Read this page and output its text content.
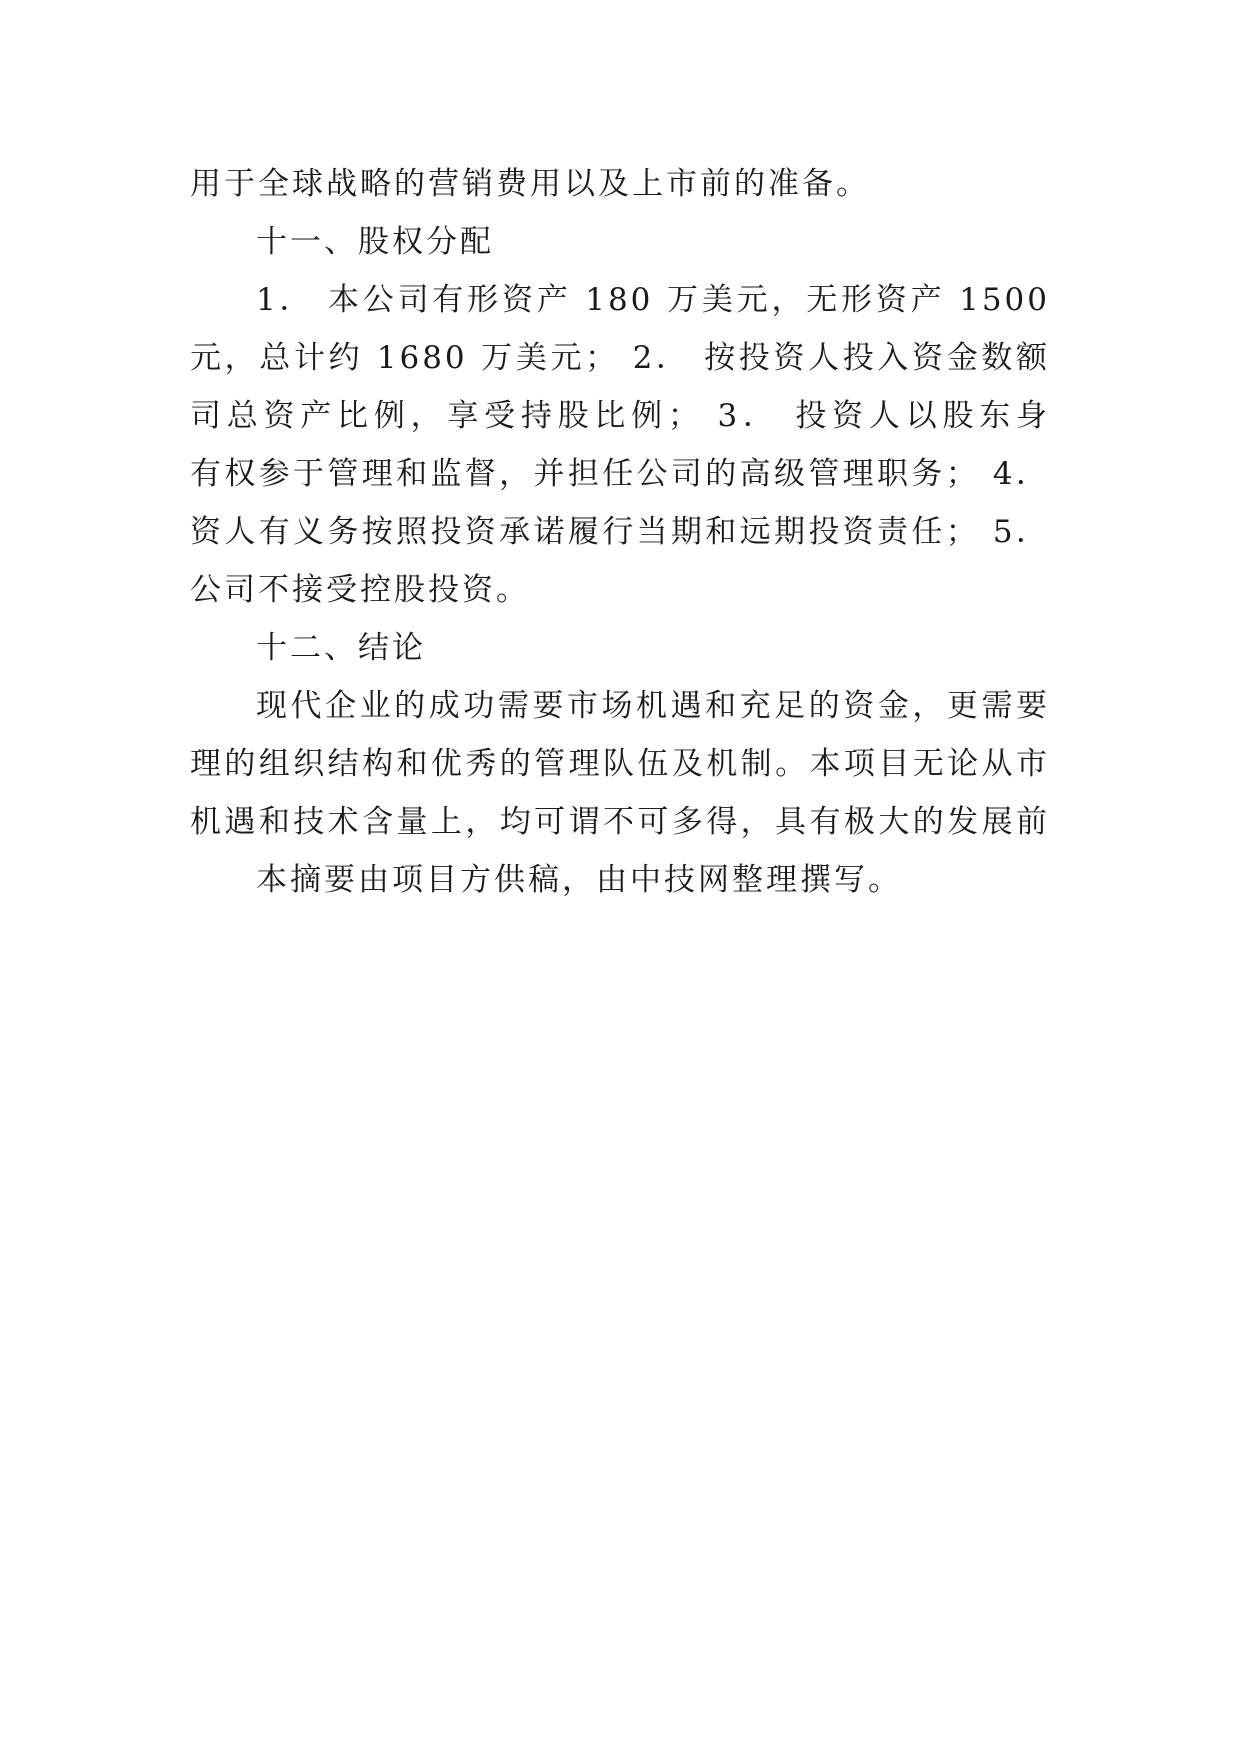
用于全球战略的营销费用以及上市前的准备。
十一、股权分配
1． 本公司有形资产 180 万美元，无形资产 1500
元，总计约 1680 万美元； 2． 按投资人投入资金数额
司总资产比例，享受持股比例； 3． 投资人以股东身
有权参于管理和监督，并担任公司的高级管理职务； 4．
资人有义务按照投资承诺履行当期和远期投资责任； 5．
公司不接受控股投资。
十二、结论
现代企业的成功需要市场机遇和充足的资金，更需要
理的组织结构和优秀的管理队伍及机制。本项目无论从市
机遇和技术含量上，均可谓不可多得，具有极大的发展前
本摘要由项目方供稿，由中技网整理撰写。
